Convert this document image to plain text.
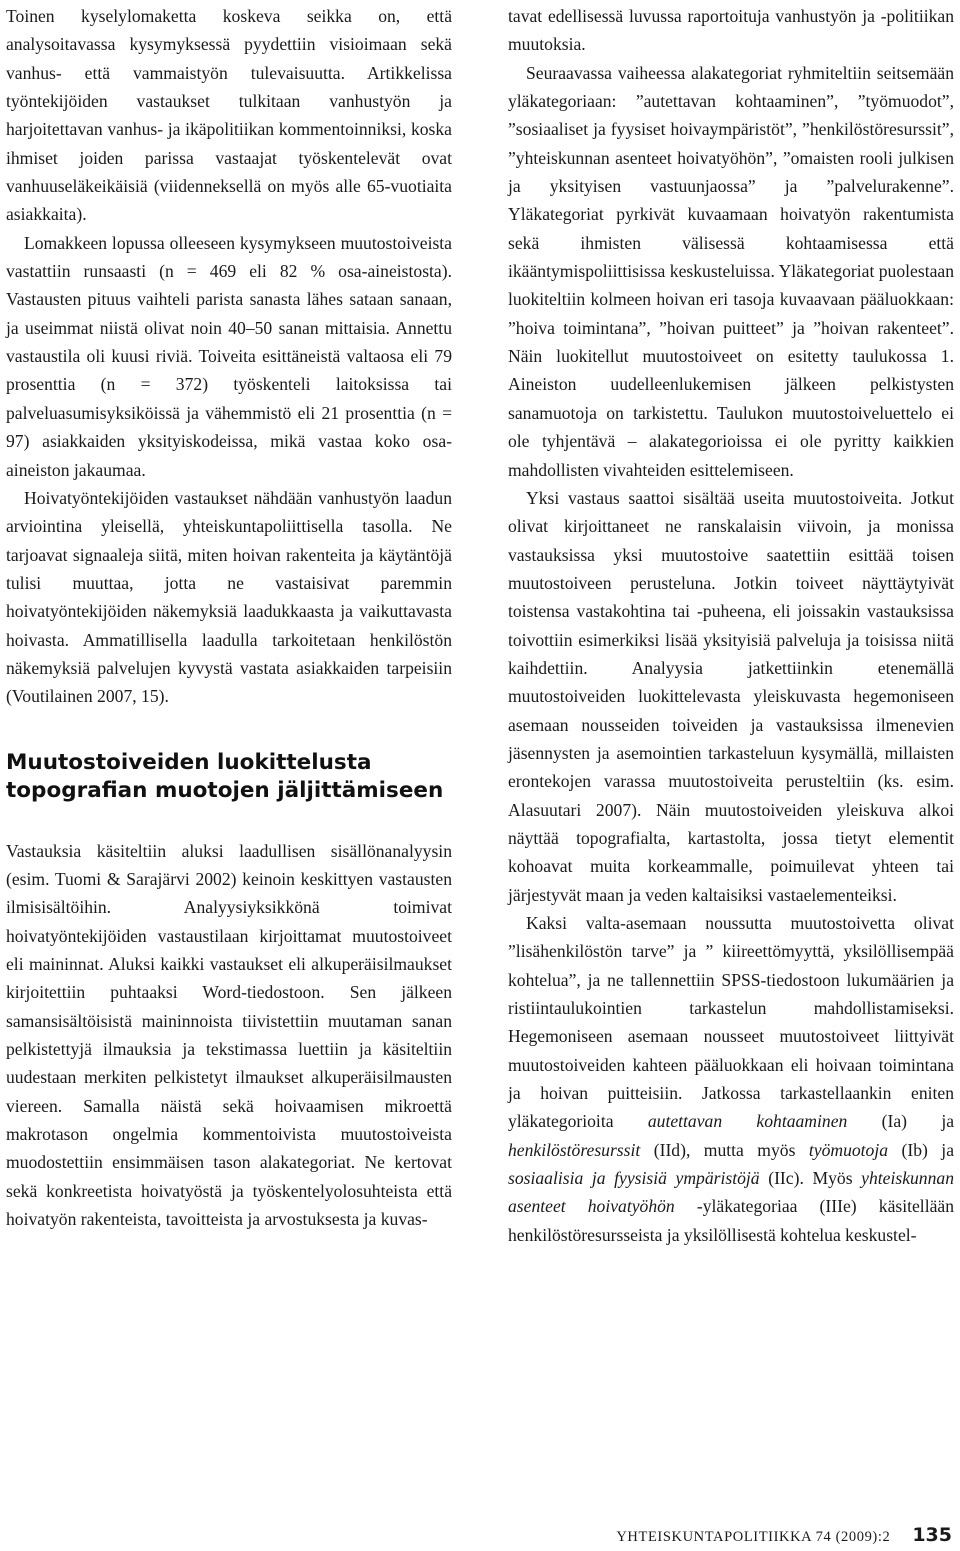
Toinen kyselylomaketta koskeva seikka on, että analysoitavassa kysymyksessä pyydettiin visioimaan sekä vanhus- että vammaistyön tulevaisuutta. Artikkelissa työntekijöiden vastaukset tulkitaan vanhustyön ja harjoitettavan vanhus- ja ikäpolitiikan kommentoinniksi, koska ihmiset joiden parissa vastaajat työskentelevät ovat vanhuuseläkeikäisiä (viidenneksellä on myös alle 65-vuotiaita asiakkaita).

Lomakkeen lopussa olleeseen kysymykseen muutostoiveista vastattiin runsaasti (n = 469 eli 82 % osa-aineistosta). Vastausten pituus vaihteli parista sanasta lähes sataan sanaan, ja useimmat niistä olivat noin 40–50 sanan mittaisia. Annettu vastaustila oli kuusi riviä. Toiveita esittäneistä valtaosa eli 79 prosenttia (n = 372) työskenteli laitoksissa tai palveluasumisyksiköissä ja vähemmistö eli 21 prosenttia (n = 97) asiakkaiden yksityiskodeissa, mikä vastaa koko osa-aineiston jakaumaa.

Hoivatyöntekijöiden vastaukset nähdään vanhustyön laadun arviointina yleisellä, yhteiskuntapoliittisella tasolla. Ne tarjoavat signaaleja siitä, miten hoivan rakenteita ja käytäntöjä tulisi muuttaa, jotta ne vastaisivat paremmin hoivatyöntekijöiden näkemyksiä laadukkaasta ja vaikuttavasta hoivasta. Ammatillisella laadulla tarkoitetaan henkilöstön näkemyksiä palvelujen kyvystä vastata asiakkaiden tarpeisiin (Voutilainen 2007, 15).

Muutostoiveiden luokittelusta
topografian muotojen jäljittämiseen

Vastauksia käsiteltiin aluksi laadullisen sisällönanalyysin (esim. Tuomi & Sarajärvi 2002) keinoin keskittyen vastausten ilmisisältöihin. Analyysiyksikkönä toimivat hoivatyöntekijöiden vastaustilaan kirjoittamat muutostoiveet eli maininnat. Aluksi kaikki vastaukset eli alkuperäisilmaukset kirjoitettiin puhtaaksi Word-tiedostoon. Sen jälkeen samansisältöisistä maininnoista tiivistettiin muutaman sanan pelkistettyjä ilmauksia ja tekstimassa luettiin ja käsiteltiin uudestaan merkiten pelkistetyt ilmaukset alkuperäisilmausten viereen. Samalla näistä sekä hoivaamisen mikroettä makrotason ongelmia kommentoivista muutostoiveista muodostettiin ensimmäisen tason alakategoriat. Ne kertovat sekä konkreetista hoivatyöstä ja työskentelyolosuhteista että hoivatyön rakenteista, tavoitteista ja arvostuksesta ja kuvas-

tavat edellisessä luvussa raportoituja vanhustyön ja -politiikan muutoksia.

Seuraavassa vaiheessa alakategoriat ryhmiteltiin seitsemään yläkategoriaan: ”autettavan kohtaaminen”, ”työmuodot”, ”sosiaaliset ja fyysiset hoivaympäristöt”, ”henkilöstöresurssit”, ”yhteiskunnan asenteet hoivatyöhön”, ”omaisten rooli julkisen ja yksityisen vastuunjaossa” ja ”palvelurakenne”. Yläkategoriat pyrkivät kuvaamaan hoivatyön rakentumista sekä ihmisten välisessä kohtaamisessa että ikääntymispoliittisissa keskusteluissa. Yläkategoriat puolestaan luokiteltiin kolmeen hoivan eri tasoja kuvaavaan pääluokkaan: ”hoiva toimintana”, ”hoivan puitteet” ja ”hoivan rakenteet”. Näin luokitellut muutostoiveet on esitetty taulukossa 1. Aineiston uudelleenlukemisen jälkeen pelkistysten sanamuotoja on tarkistettu. Taulukon muutostoiveluettelo ei ole tyhjentävä – alakategorioissa ei ole pyritty kaikkien mahdollisten vivahteiden esittelemiseen.

Yksi vastaus saattoi sisältää useita muutostoiveita. Jotkut olivat kirjoittaneet ne ranskalaisin viivoin, ja monissa vastauksissa yksi muutostoive saatettiin esittää toisen muutostoiveen perusteluna. Jotkin toiveet näyttäytyivät toistensa vastakohtina tai -puheena, eli joissakin vastauksissa toivottiin esimerkiksi lisää yksityisiä palveluja ja toisissa niitä kaihdettiin. Analyysia jatkettiinkin etenemällä muutostoiveiden luokittelevasta yleiskuvasta hegemoniseen asemaan nousseiden toiveiden ja vastauksissa ilmenevien jäsennysten ja asemointien tarkasteluun kysymällä, millaisten erontekojen varassa muutostoiveita perusteltiin (ks. esim. Alasuutari 2007). Näin muutostoiveiden yleiskuva alkoi näyttää topografialta, kartastolta, jossa tietyt elementit kohoavat muita korkeammalle, poimuilevat yhteen tai järjestyvät maan ja veden kaltaisiksi vastaelementeiksi.

Kaksi valta-asemaan noussutta muutostoivetta olivat ”lisähenkilöstön tarve” ja ” kiireettömyyttä, yksilöllisempää kohtelua”, ja ne tallennettiin SPSS-tiedostoon lukumäärien ja ristiintaulukointien tarkastelun mahdollistamiseksi. Hegemoniseen asemaan nousseet muutostoiveet liittyivät muutostoiveiden kahteen pääluokkaan eli hoivaan toimintana ja hoivan puitteisiin. Jatkossa tarkastellaankin eniten yläkategorioita autettavan kohtaaminen (Ia) ja henkilöstöresurssit (IId), mutta myös työmuotoja (Ib) ja sosiaalisia ja fyysisiä ympäristöjä (IIc). Myös yhteiskunnan asenteet hoivatyöhön -yläkategoriaa (IIIe) käsitellään henkilöstöresursseista ja yksilöllisestä kohtelua keskustel-

YHTEISKUNTAPOLITIIKKA 74 (2009):2 135
